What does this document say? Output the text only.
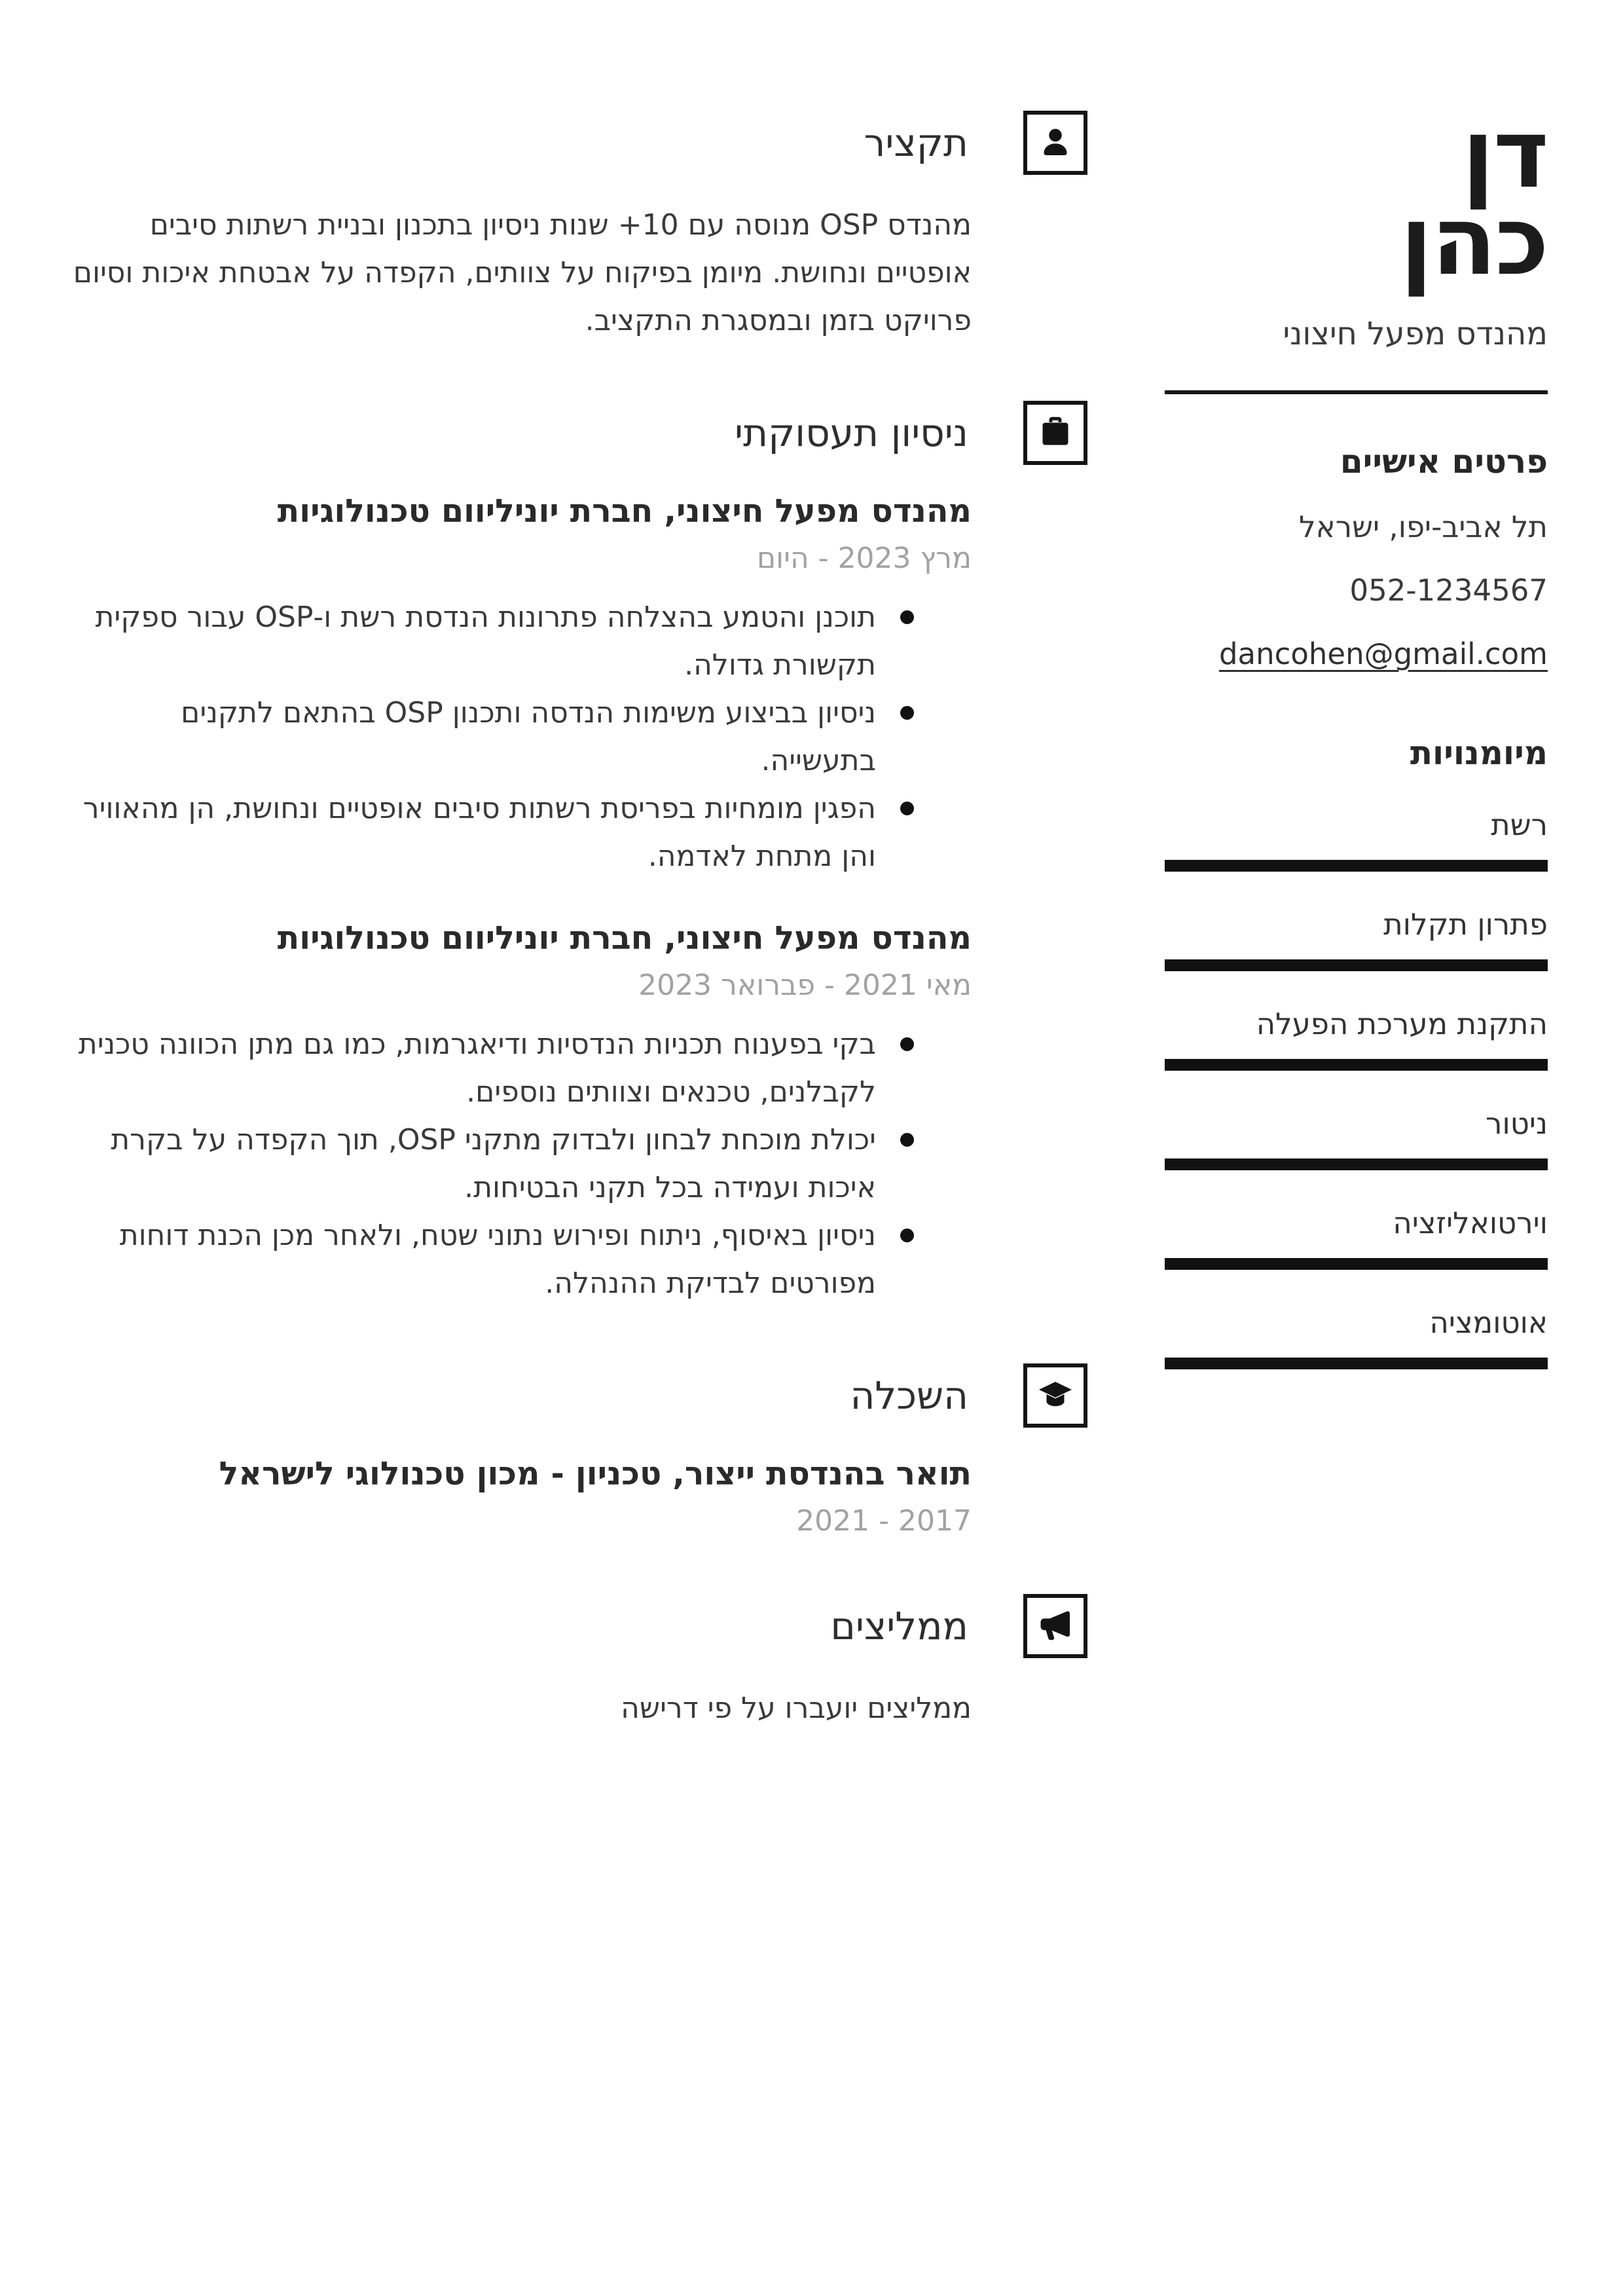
דן
כהן
מהנדס מפעל חיצוני
פרטים אישיים
תל אביב-יפו, ישראל
052-1234567
dancohen@gmail.com
מיומנויות
רשת
פתרון תקלות
התקנת מערכת הפעלה
ניטור
וירטואליזציה
אוטומציה
תקציר

מהנדס OSP מנוסה עם 10+ שנות ניסיון בתכנון ובניית רשתות סיבים אופטיים ונחושת. מיומן בפיקוח על צוותים, הקפדה על אבטחת איכות וסיום פרויקט בזמן ובמסגרת התקציב.

ניסיון תעסוקתי
מהנדס מפעל חיצוני, חברת יוניליוום טכנולוגיות
מרץ 2023 - היום
תוכנן והטמע בהצלחה פתרונות הנדסת רשת ו-OSP עבור ספקית תקשורת גדולה.
ניסיון בביצוע משימות הנדסה ותכנון OSP בהתאם לתקנים בתעשייה.
הפגין מומחיות בפריסת רשתות סיבים אופטיים ונחושת, הן מהאוויר והן מתחת לאדמה.
מהנדס מפעל חיצוני, חברת יוניליוום טכנולוגיות
מאי 2021 - פברואר 2023
בקי בפענוח תכניות הנדסיות ודיאגרמות, כמו גם מתן הכוונה טכנית לקבלנים, טכנאים וצוותים נוספים.
יכולת מוכחת לבחון ולבדוק מתקני OSP, תוך הקפדה על בקרת איכות ועמידה בכל תקני הבטיחות.
ניסיון באיסוף, ניתוח ופירוש נתוני שטח, ולאחר מכן הכנת דוחות מפורטים לבדיקת ההנהלה.
השכלה
תואר בהנדסת ייצור, טכניון - מכון טכנולוגי לישראל
2017 - 2021
ממליצים

ממליצים יועברו על פי דרישה
